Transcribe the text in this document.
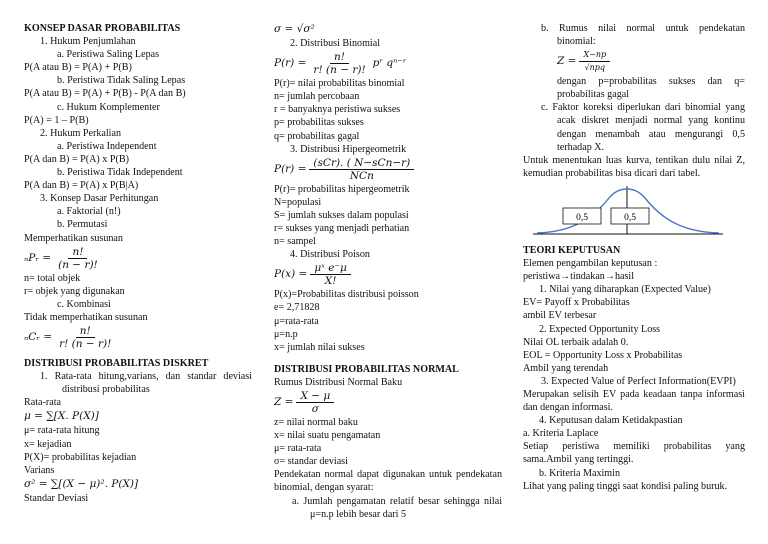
KONSEP DASAR PROBABILITAS
1. Hukum Penjumlahan
a. Peristiwa Saling Lepas
P(A atau B) = P(A) + P(B)
b. Peristiwa Tidak Saling Lepas
P(A atau B) = P(A) + P(B) - P(A dan B)
c. Hukum Komplementer
P(A) = 1 – P(B)
2. Hukum Perkalian
a. Peristiwa Independent
P(A dan B) = P(A) x P(B)
b. Peristiwa Tidak Independent
P(A dan B) = P(A) x P(B|A)
3. Konsep Dasar Perhitungan
a. Faktorial (n!)
b. Permutasi
Memperhatikan susunan
ₙPᵣ = $\frac{n!}{(n - r)!}$
n= total objek
r= objek yang digunakan
c. Kombinasi
Tidak memperhatikan susunan
ₙCᵣ = $\frac{n!}{r! (n - r)!}$
DISTRIBUSI PROBABILITAS DISKRET
1. Rata-rata hitung,varians, dan standar deviasi distribusi probabilitas
Rata-rata
μ = ∑[X. P(X)]
μ= rata-rata hitung
x= kejadian
P(X)= probabilitas kejadian
Varians
σ² = ∑[(X − μ)². P(X)]
Standar Deviasi
σ = √σ²
2. Distribusi Binomial
$P(r) = \frac{n!}{r! (n - r)!}$ pʳ qⁿ⁻ʳ
P(r)= nilai probabilitas binomial
n= jumlah percobaan
r = banyaknya peristiwa sukses
p= probabilitas sukses
q= probabilitas gagal
3. Distribusi Hipergeometrik
$P(r) = \frac{\text{(sCr). ( N−sCn−r)}}{\text{NCn}}$
P(r)= probabilitas hipergeometrik
N=populasi
S= jumlah sukses dalam populasi
r= sukses yang menjadi perhatian
n= sampel
4. Distribusi Poison
$P(x) = \frac{\text{μˣ e⁻μ}}{X!}$
P(x)=Probabilitas distribusi poisson
e= 2,71828
μ=rata-rata
μ=n.p
x= jumlah nilai sukses
DISTRIBUSI PROBABILITAS NORMAL
Rumus Distribusi Normal Baku
$Z = \frac{X - \mu}{\sigma}$
z= nilai normal baku
x= nilai suatu pengamatan
μ= rata-rata
σ= standar deviasi
Pendekatan normal dapat digunakan untuk pendekatan binomial, dengan syarat:
a. Jumlah pengamatan relatif besar sehingga nilai μ=n.p lebih besar dari 5
b. Rumus nilai normal untuk pendekatan binomial:
$Z = \frac{X-np}{\text{√npq}}$
dengan p=probabilitas sukses dan q= probabilitas gagal
c. Faktor koreksi diperlukan dari binomial yang acak diskret menjadi normal yang kontinu dengan menambah atau mengurangi 0,5 terhadap X.
Untuk menentukan luas kurva, tentikan dulu nilai Z, kemudian probabilitas bisa dicari dari tabel.
0,5	0,5
TEORI KEPUTUSAN
Elemen pengambilan keputusan :
peristiwa→tindakan→hasil
1. Nilai yang diharapkan (Expected Value)
EV= Payoff x Probabilitas
ambil EV terbesar
2. Expected Opportunity Loss
Nilai OL terbaik adalah 0.
EOL = Opportunity Loss x Probabilitas
Ambil yang terendah
3. Expected Value of Perfect Information(EVPI)
Merupakan selisih EV pada keadaan tanpa informasi dan dengan informasi.
4. Keputusan dalam Ketidakpastian
a. Kriteria Laplace
Setiap peristiwa memiliki probabilitas yang sama.Ambil yang tertinggi.
b. Kriteria Maximin
Lihat yang paling tinggi saat kondisi paling buruk.
